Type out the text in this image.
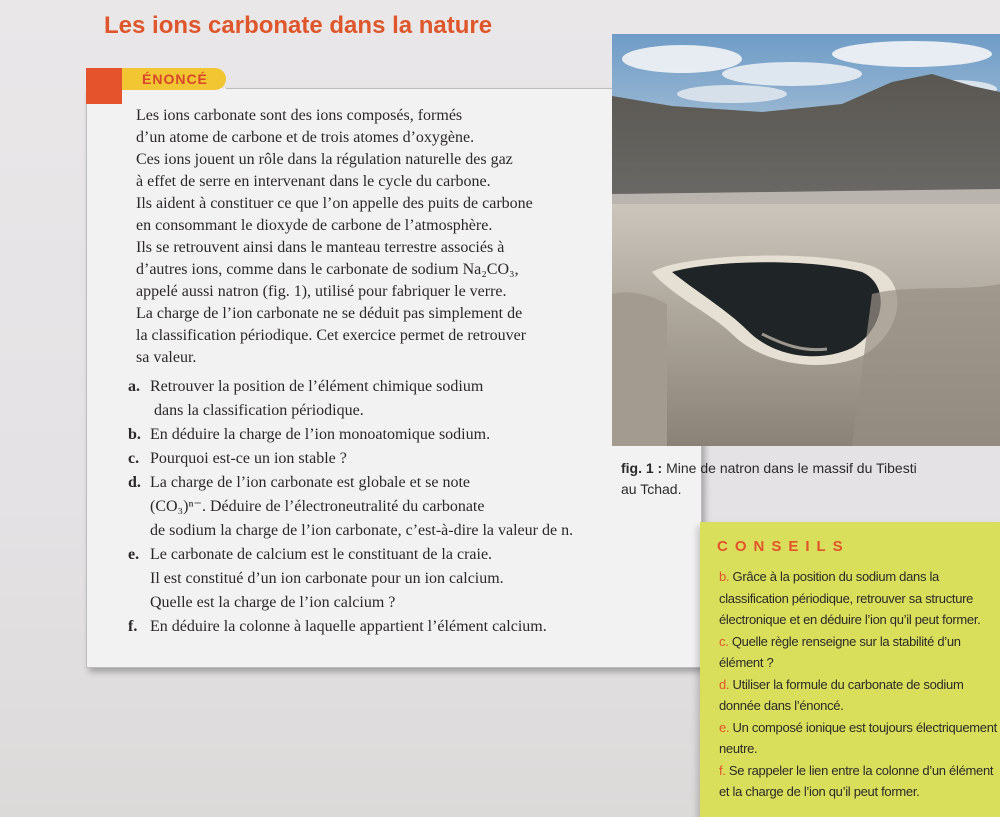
Les ions carbonate dans la nature
ÉNONCÉ

Les ions carbonate sont des ions composés, formés

d’un atome de carbone et de trois atomes d’oxygène.

Ces ions jouent un rôle dans la régulation naturelle des gaz

à effet de serre en intervenant dans le cycle du carbone.

Ils aident à constituer ce que l’on appelle des puits de carbone

en consommant le dioxyde de carbone de l’atmosphère.

Ils se retrouvent ainsi dans le manteau terrestre associés à

d’autres ions, comme dans le carbonate de sodium Na₂CO₃,

appelé aussi natron (fig. 1), utilisé pour fabriquer le verre.

La charge de l’ion carbonate ne se déduit pas simplement de

la classification périodique. Cet exercice permet de retrouver

sa valeur.

a. Retrouver la position de l’élément chimique sodium
dans la classification périodique.
b. En déduire la charge de l’ion monoatomique sodium.
c. Pourquoi est-ce un ion stable ?
d. La charge de l’ion carbonate est globale et se note
(CO₃)ⁿ⁻. Déduire de l’électroneutralité du carbonate
de sodium la charge de l’ion carbonate, c’est-à-dire la valeur de n.
e. Le carbonate de calcium est le constituant de la craie.
Il est constitué d’un ion carbonate pour un ion calcium.
Quelle est la charge de l’ion calcium ?
f. En déduire la colonne à laquelle appartient l’élément calcium.
fig. 1 : Mine de natron dans le massif du Tibesti au Tchad.
CONSEILS
b. Grâce à la position du sodium dans la classification périodique, retrouver sa structure électronique et en déduire l’ion qu’il peut former.
c. Quelle règle renseigne sur la stabilité d’un élément ?
d. Utiliser la formule du carbonate de sodium donnée dans l’énoncé.
e. Un composé ionique est toujours électriquement neutre.
f. Se rappeler le lien entre la colonne d’un élément et la charge de l’ion qu’il peut former.
